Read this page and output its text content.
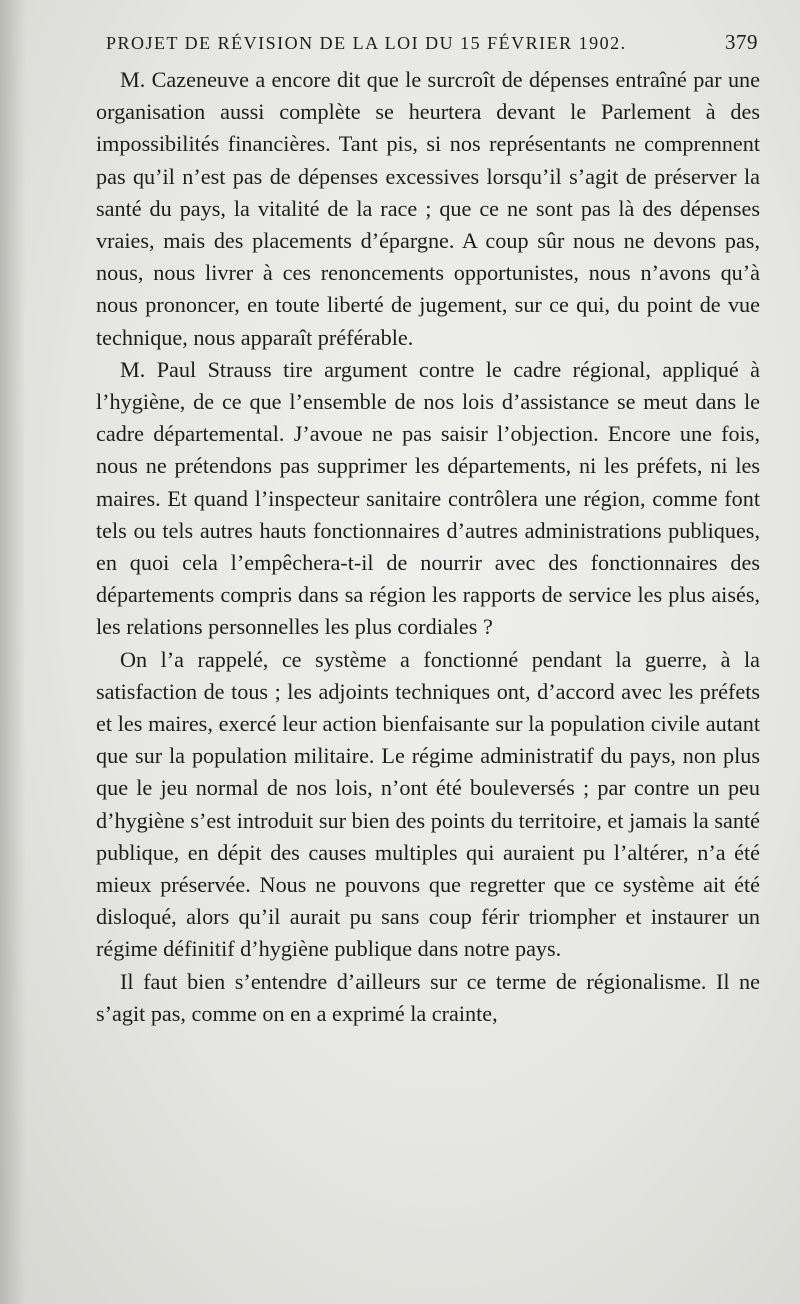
PROJET DE RÉVISION DE LA LOI DU 15 FÉVRIER 1902.	379

M. Cazeneuve a encore dit que le surcroît de dépenses entraîné par une organisation aussi complète se heurtera devant le Parlement à des impossibilités financières. Tant pis, si nos représentants ne comprennent pas qu’il n’est pas de dépenses excessives lorsqu’il s’agit de préserver la santé du pays, la vitalité de la race ; que ce ne sont pas là des dépenses vraies, mais des placements d’épargne. A coup sûr nous ne devons pas, nous, nous livrer à ces renoncements opportunistes, nous n’avons qu’à nous prononcer, en toute liberté de jugement, sur ce qui, du point de vue technique, nous apparaît préférable.

M. Paul Strauss tire argument contre le cadre régional, appliqué à l’hygiène, de ce que l’ensemble de nos lois d’assistance se meut dans le cadre départemental. J’avoue ne pas saisir l’objection. Encore une fois, nous ne prétendons pas supprimer les départements, ni les préfets, ni les maires. Et quand l’inspecteur sanitaire contrôlera une région, comme font tels ou tels autres hauts fonctionnaires d’autres administrations publiques, en quoi cela l’empêchera-t-il de nourrir avec des fonctionnaires des départements compris dans sa région les rapports de service les plus aisés, les relations personnelles les plus cordiales ?

On l’a rappelé, ce système a fonctionné pendant la guerre, à la satisfaction de tous ; les adjoints techniques ont, d’accord avec les préfets et les maires, exercé leur action bienfaisante sur la population civile autant que sur la population militaire. Le régime administratif du pays, non plus que le jeu normal de nos lois, n’ont été bouleversés ; par contre un peu d’hygiène s’est introduit sur bien des points du territoire, et jamais la santé publique, en dépit des causes multiples qui auraient pu l’altérer, n’a été mieux préservée. Nous ne pouvons que regretter que ce système ait été disloqué, alors qu’il aurait pu sans coup férir triompher et instaurer un régime définitif d’hygiène publique dans notre pays.

Il faut bien s’entendre d’ailleurs sur ce terme de régionalisme. Il ne s’agit pas, comme on en a exprimé la crainte,
